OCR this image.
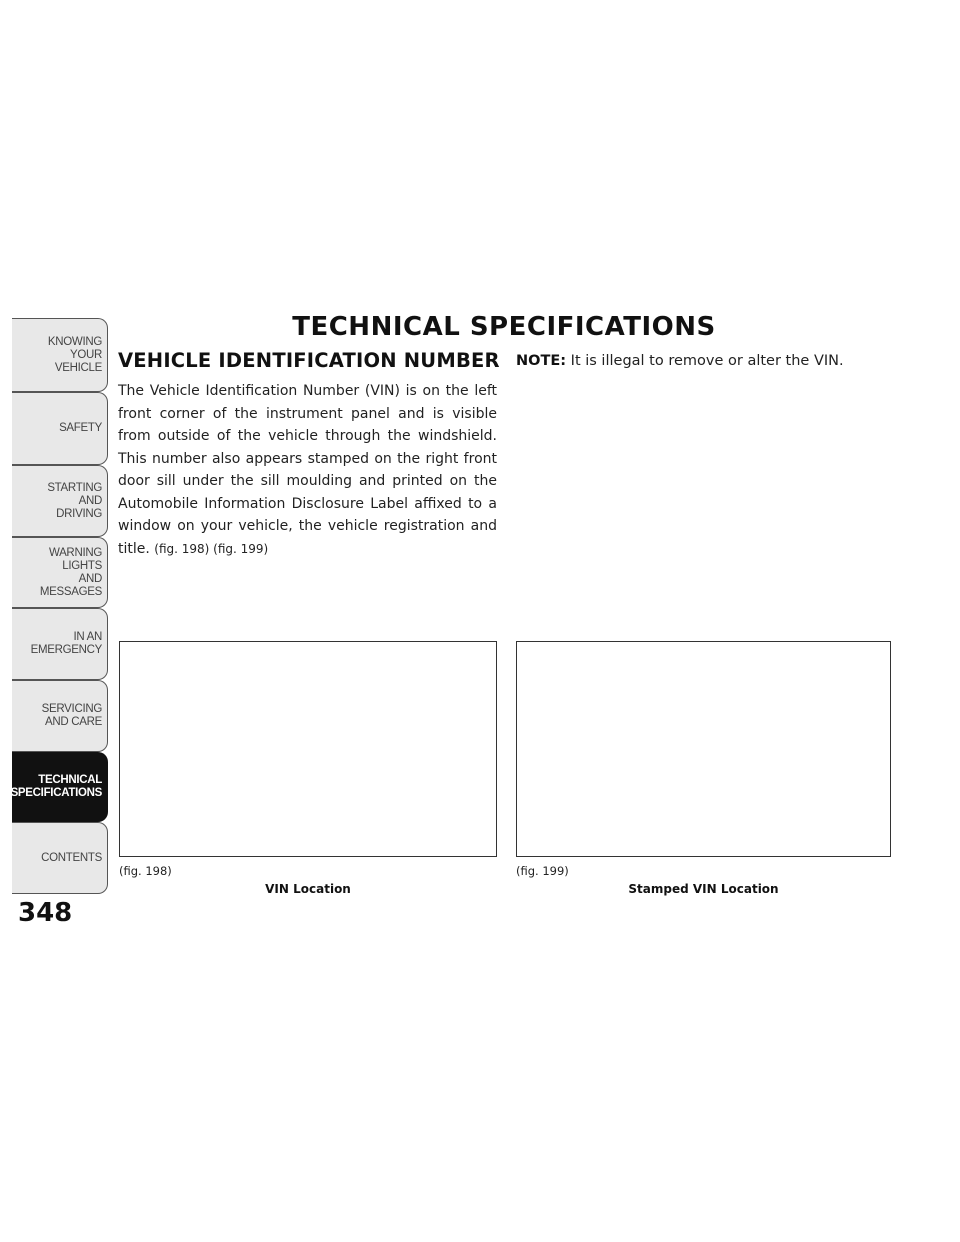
KNOWING
YOUR
VEHICLE
SAFETY
STARTING
AND
DRIVING
WARNING
LIGHTS
AND
MESSAGES
IN AN
EMERGENCY
SERVICING
AND CARE
TECHNICAL
SPECIFICATIONS
CONTENTS
348
TECHNICAL SPECIFICATIONS
VEHICLE IDENTIFICATION NUMBER

The Vehicle Identification Number (VIN) is on the left front corner of the instrument panel and is visible from outside of the vehicle through the windshield. This number also appears stamped on the right front door sill under the sill moulding and printed on the Automobile Information Disclosure Label affixed to a window on your vehicle, the vehicle registration and title. (fig. 198) (fig. 199)

NOTE: It is illegal to remove or alter the VIN.

(fig. 198)
VIN Location
(fig. 199)
Stamped VIN Location
